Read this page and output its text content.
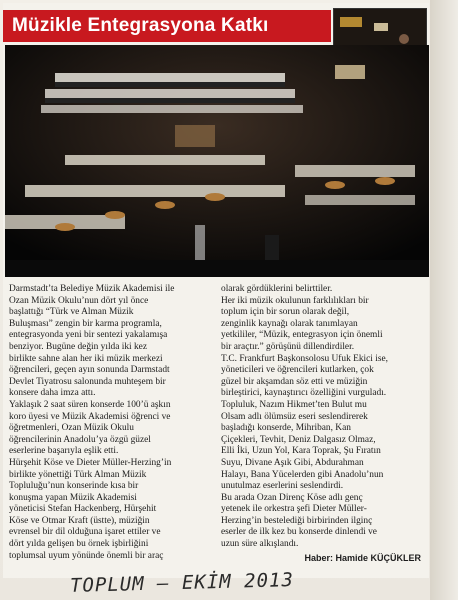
Müzikle Entegrasyona Katkı

Darmstadt’ta Belediye Müzik Akademisi ile

Ozan Müzik Okulu’nun dört yıl önce

başlattığı “Türk ve Alman Müzik

Buluşması” zengin bir karma programla,

entegrasyonda yeni bir sentezi yakalamışa

benziyor. Bugüne değin yılda iki kez

birlikte sahne alan her iki müzik merkezi

öğrencileri, geçen ayın sonunda Darmstadt

Devlet Tiyatrosu salonunda muhteşem bir

konsere daha imza attı.

Yaklaşık 2 saat süren konserde 100’ü aşkın

koro üyesi ve Müzik Akademisi öğrenci ve

öğretmenleri, Ozan Müzik Okulu

öğrencilerinin Anadolu’ya özgü güzel

eserlerine başarıyla eşlik etti.

Hürşehit Köse ve Dieter Müller-Herzing’in

birlikte yönettiği Türk Alman Müzik

Topluluğu’nun konserinde kısa bir

konuşma yapan Müzik Akademisi

yöneticisi Stefan Hackenberg, Hürşehit

Köse ve Otmar Kraft (üstte), müziğin

evrensel bir dil olduğuna işaret ettiler ve

dört yılda gelişen bu örnek işbirliğini

toplumsal uyum yönünde önemli bir araç

olarak gördüklerini belirttiler.

Her iki müzik okulunun farklılıkları bir

toplum için bir sorun olarak değil,

zenginlik kaynağı olarak tanımlayan

yetkililer, “Müzik, entegrasyon için önemli

bir araçtır.” görüşünü dillendirdiler.

T.C. Frankfurt Başkonsolosu Ufuk Ekici ise,

yöneticileri ve öğrencileri kutlarken, çok

güzel bir akşamdan söz etti ve müziğin

birleştirici, kaynaştırıcı özelliğini vurguladı.

Topluluk, Nazım Hikmet’ten Bulut mu

Olsam adlı ölümsüz eseri seslendirerek

başladığı konserde, Mihriban, Kan

Çiçekleri, Tevhit, Deniz Dalgasız Olmaz,

Elli İki, Uzun Yol, Kara Toprak, Şu Fıratın

Suyu, Divane Aşık Gibi, Abdurahman

Halayı, Bana Yücelerden gibi Anadolu’nun

unutulmaz eserlerini seslendirdi.

Bu arada Ozan Direnç Köse adlı genç

yetenek ile orkestra şefi Dieter Müller-

Herzing’in bestelediği birbirinden ilginç

eserler de ilk kez bu konserde dinlendi ve

uzun süre alkışlandı.

Haber: Hamide KÜÇÜKLER
TOPLUM – EKİM 2013
